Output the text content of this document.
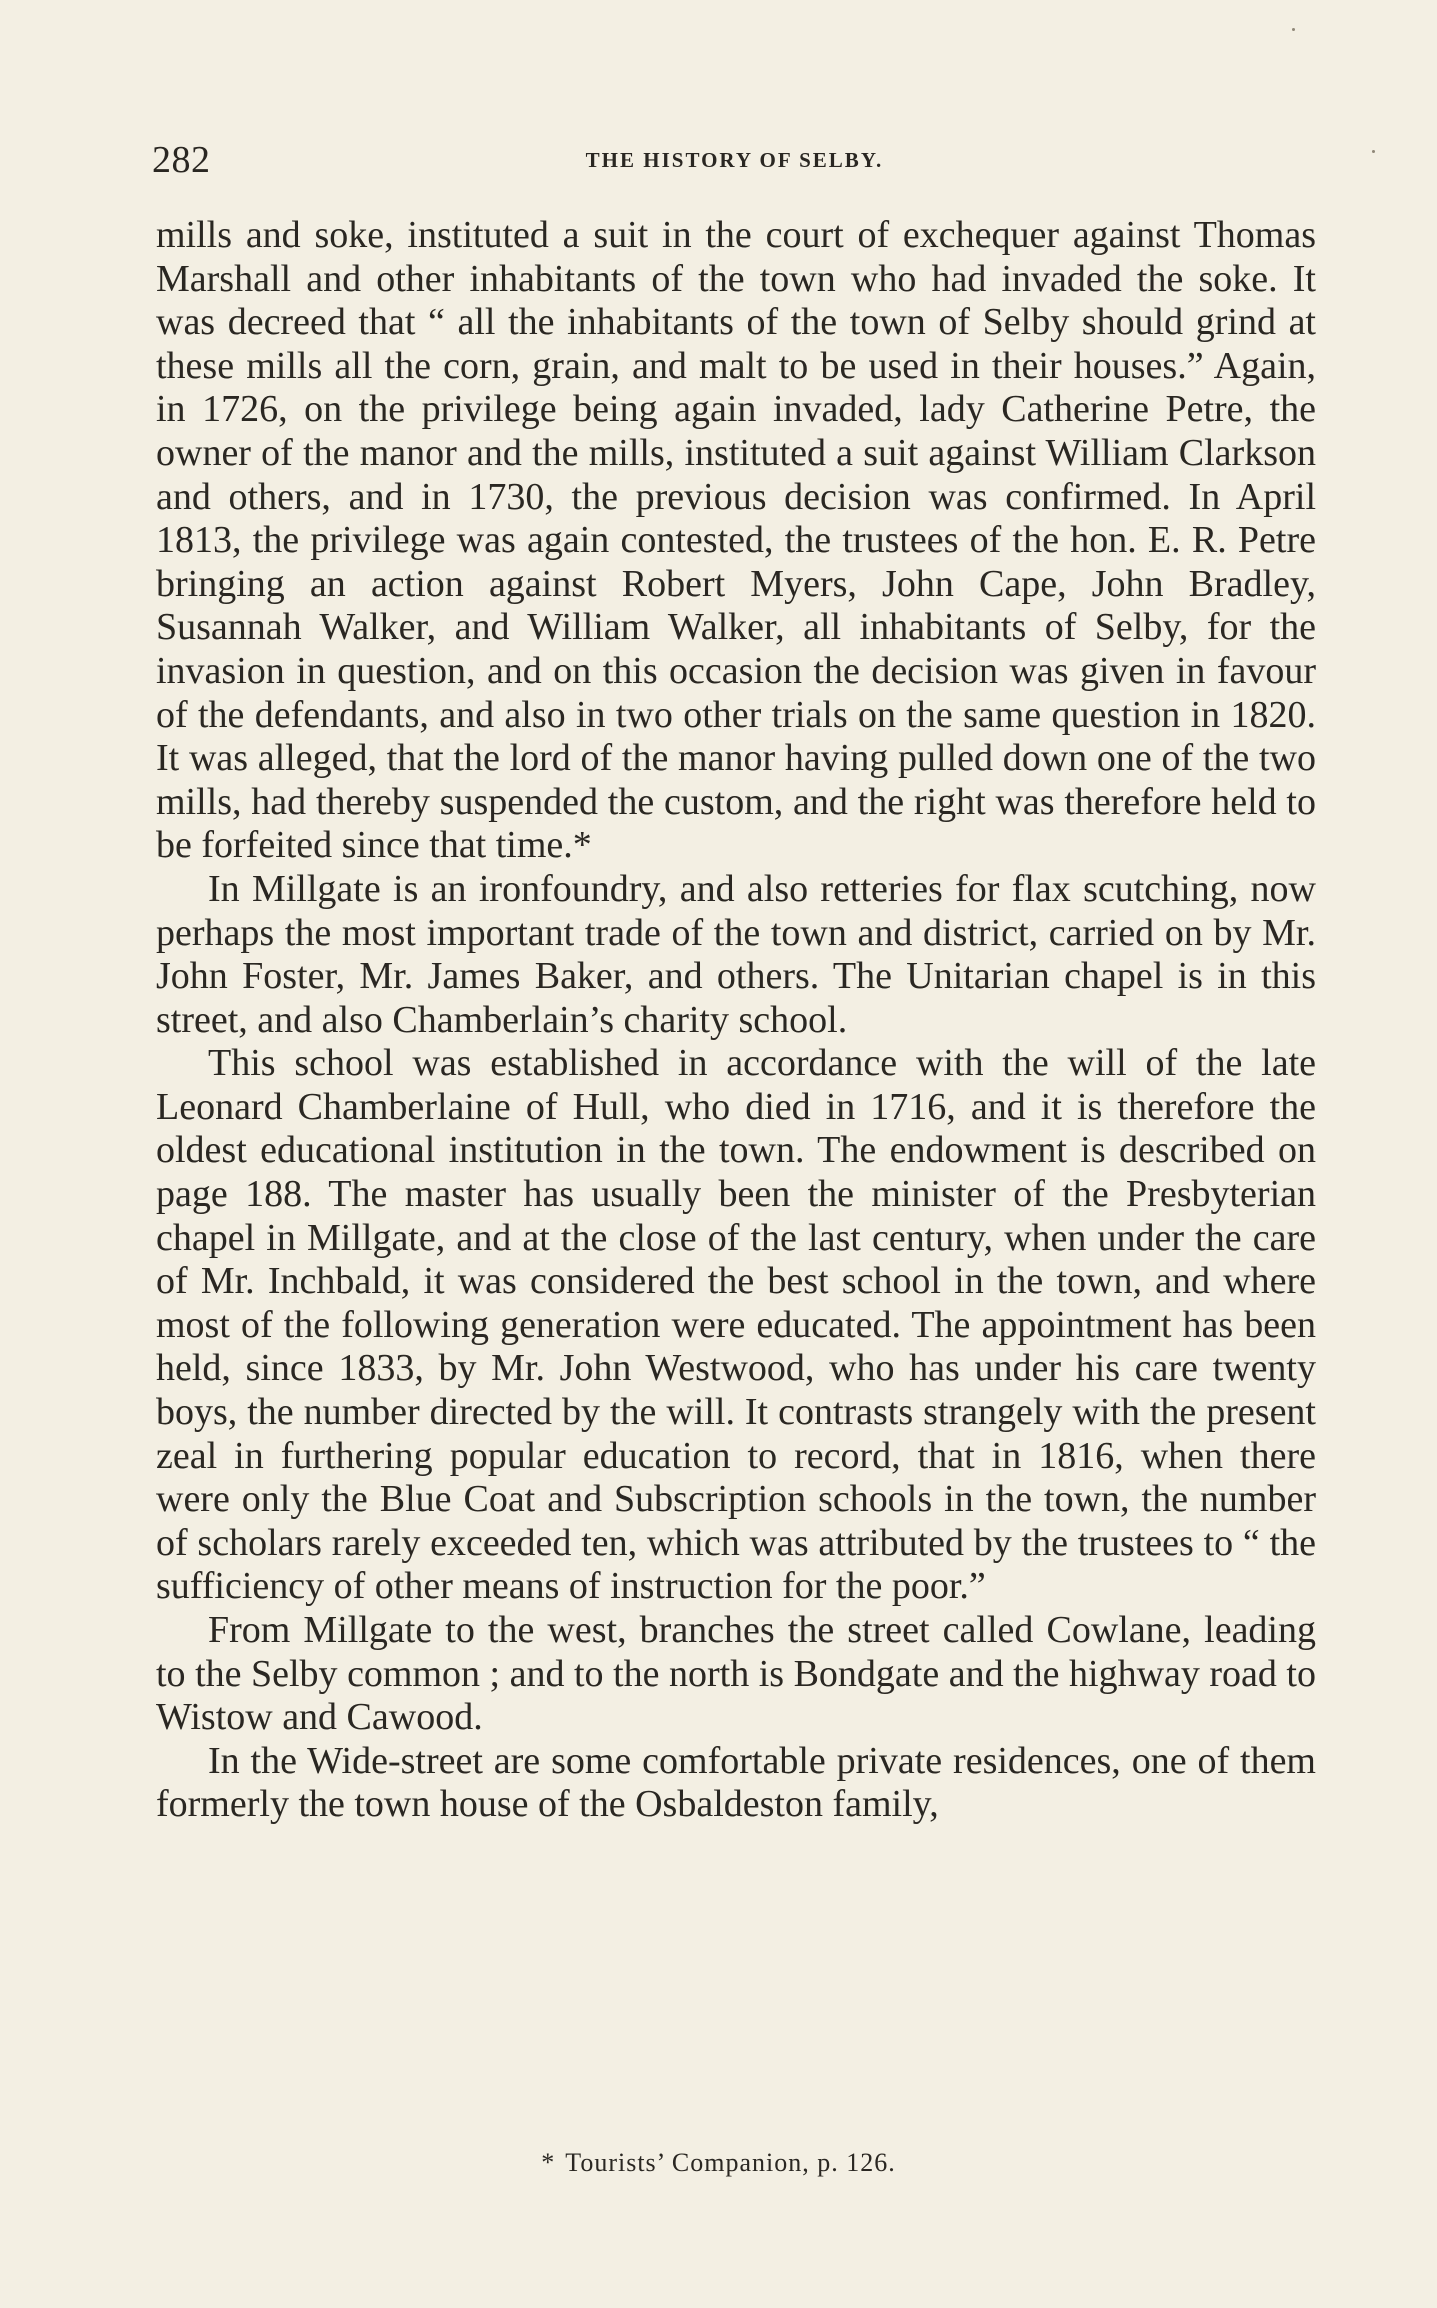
282	THE HISTORY OF SELBY.

mills and soke, instituted a suit in the court of exchequer against Thomas Marshall and other inhabitants of the town who had invaded the soke. It was decreed that “ all the inhabitants of the town of Selby should grind at these mills all the corn, grain, and malt to be used in their houses.” Again, in 1726, on the privilege being again invaded, lady Catherine Petre, the owner of the manor and the mills, instituted a suit against William Clarkson and others, and in 1730, the previous decision was confirmed. In April 1813, the privilege was again contested, the trustees of the hon. E. R. Petre bringing an action against Robert Myers, John Cape, John Bradley, Susannah Walker, and William Walker, all inhabitants of Selby, for the invasion in question, and on this occasion the decision was given in favour of the defendants, and also in two other trials on the same question in 1820. It was alleged, that the lord of the manor having pulled down one of the two mills, had thereby suspended the custom, and the right was therefore held to be forfeited since that time.*

In Millgate is an ironfoundry, and also retteries for flax scutching, now perhaps the most important trade of the town and district, carried on by Mr. John Foster, Mr. James Baker, and others. The Unitarian chapel is in this street, and also Chamberlain’s charity school.

This school was established in accordance with the will of the late Leonard Chamberlaine of Hull, who died in 1716, and it is therefore the oldest educational institution in the town. The endowment is described on page 188. The master has usually been the minister of the Presbyterian chapel in Millgate, and at the close of the last century, when under the care of Mr. Inchbald, it was considered the best school in the town, and where most of the following generation were educated. The appointment has been held, since 1833, by Mr. John Westwood, who has under his care twenty boys, the number directed by the will. It contrasts strangely with the present zeal in furthering popular education to record, that in 1816, when there were only the Blue Coat and Subscription schools in the town, the number of scholars rarely exceeded ten, which was attributed by the trustees to “ the sufficiency of other means of instruction for the poor.”

From Millgate to the west, branches the street called Cowlane, leading to the Selby common ; and to the north is Bondgate and the highway road to Wistow and Cawood.

In the Wide-street are some comfortable private residences, one of them formerly the town house of the Osbaldeston family,

* Tourists’ Companion, p. 126.
